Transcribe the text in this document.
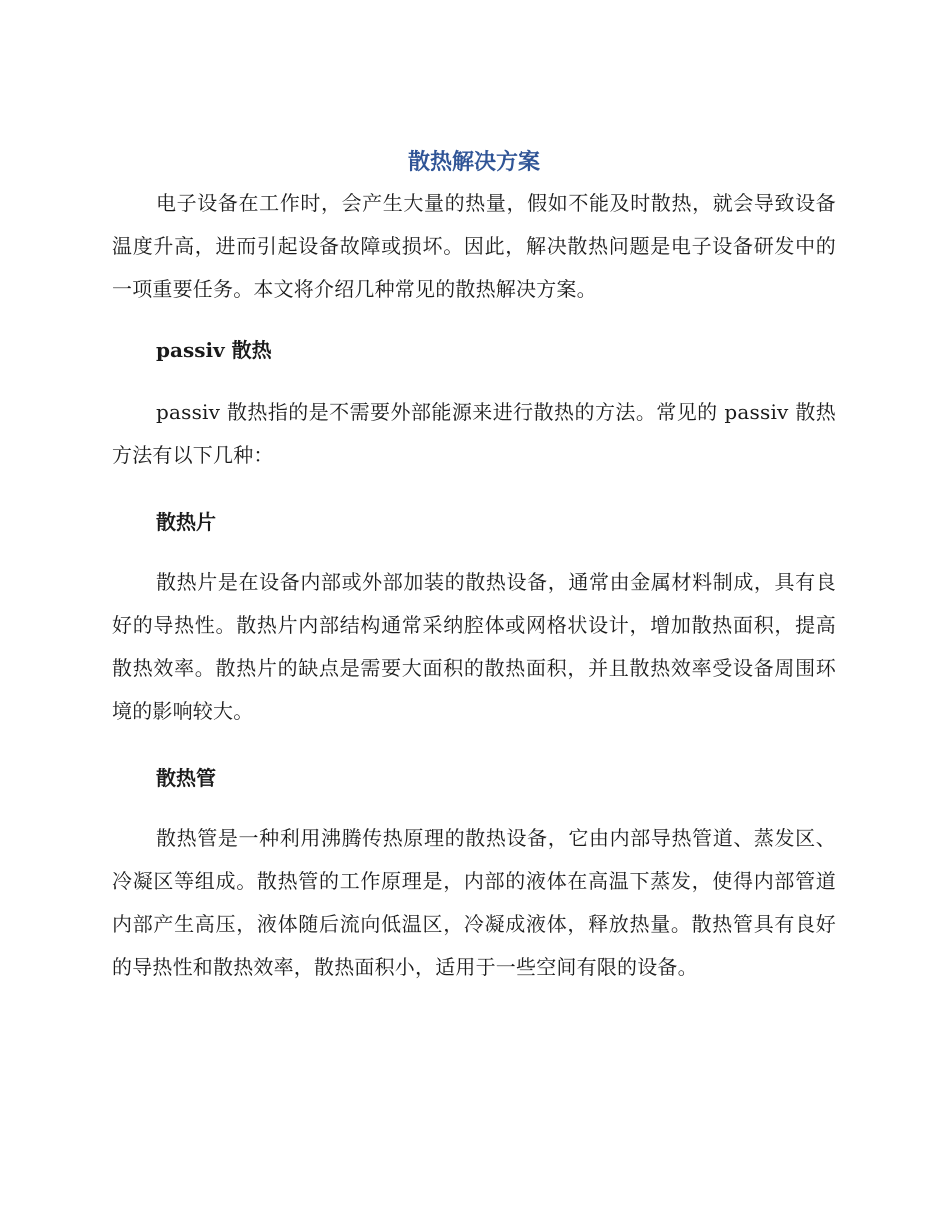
散热解决方案

电子设备在工作时，会产生大量的热量，假如不能及时散热，就会导致设备温度升高，进而引起设备故障或损坏。因此，解决散热问题是电子设备研发中的一项重要任务。本文将介绍几种常见的散热解决方案。

passiv 散热

passiv 散热指的是不需要外部能源来进行散热的方法。常见的 passiv 散热方法有以下几种：

散热片

散热片是在设备内部或外部加装的散热设备，通常由金属材料制成，具有良好的导热性。散热片内部结构通常采纳腔体或网格状设计，增加散热面积，提高散热效率。散热片的缺点是需要大面积的散热面积，并且散热效率受设备周围环境的影响较大。

散热管

散热管是一种利用沸腾传热原理的散热设备，它由内部导热管道、蒸发区、冷凝区等组成。散热管的工作原理是，内部的液体在高温下蒸发，使得内部管道内部产生高压，液体随后流向低温区，冷凝成液体，释放热量。散热管具有良好的导热性和散热效率，散热面积小，适用于一些空间有限的设备。
